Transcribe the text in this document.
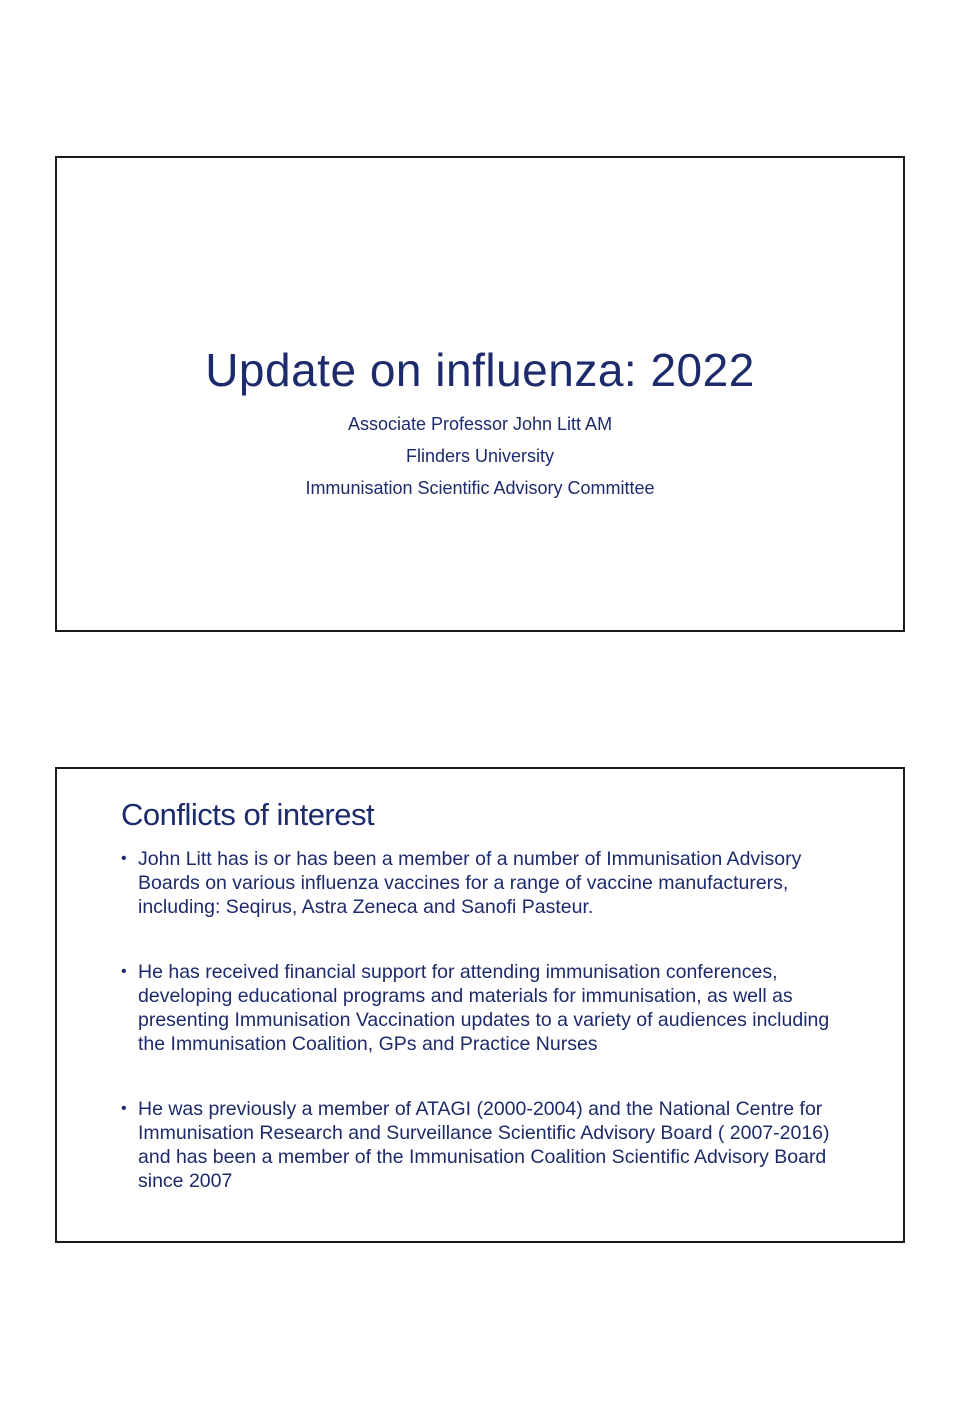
Update on influenza: 2022
Associate Professor John Litt AM
Flinders University
Immunisation Scientific Advisory Committee
Conflicts of interest
• John Litt has is or has been a member of a number of Immunisation Advisory Boards on various influenza vaccines for a range of vaccine manufacturers, including: Seqirus, Astra Zeneca and Sanofi Pasteur.
• He has received financial support for attending immunisation conferences, developing educational programs and materials for immunisation, as well as presenting Immunisation Vaccination updates to a variety of audiences including the Immunisation Coalition, GPs and Practice Nurses
• He was previously a member of ATAGI (2000-2004) and the National Centre for Immunisation Research and Surveillance Scientific Advisory Board ( 2007-2016) and has been a member of the Immunisation Coalition Scientific Advisory Board since 2007
